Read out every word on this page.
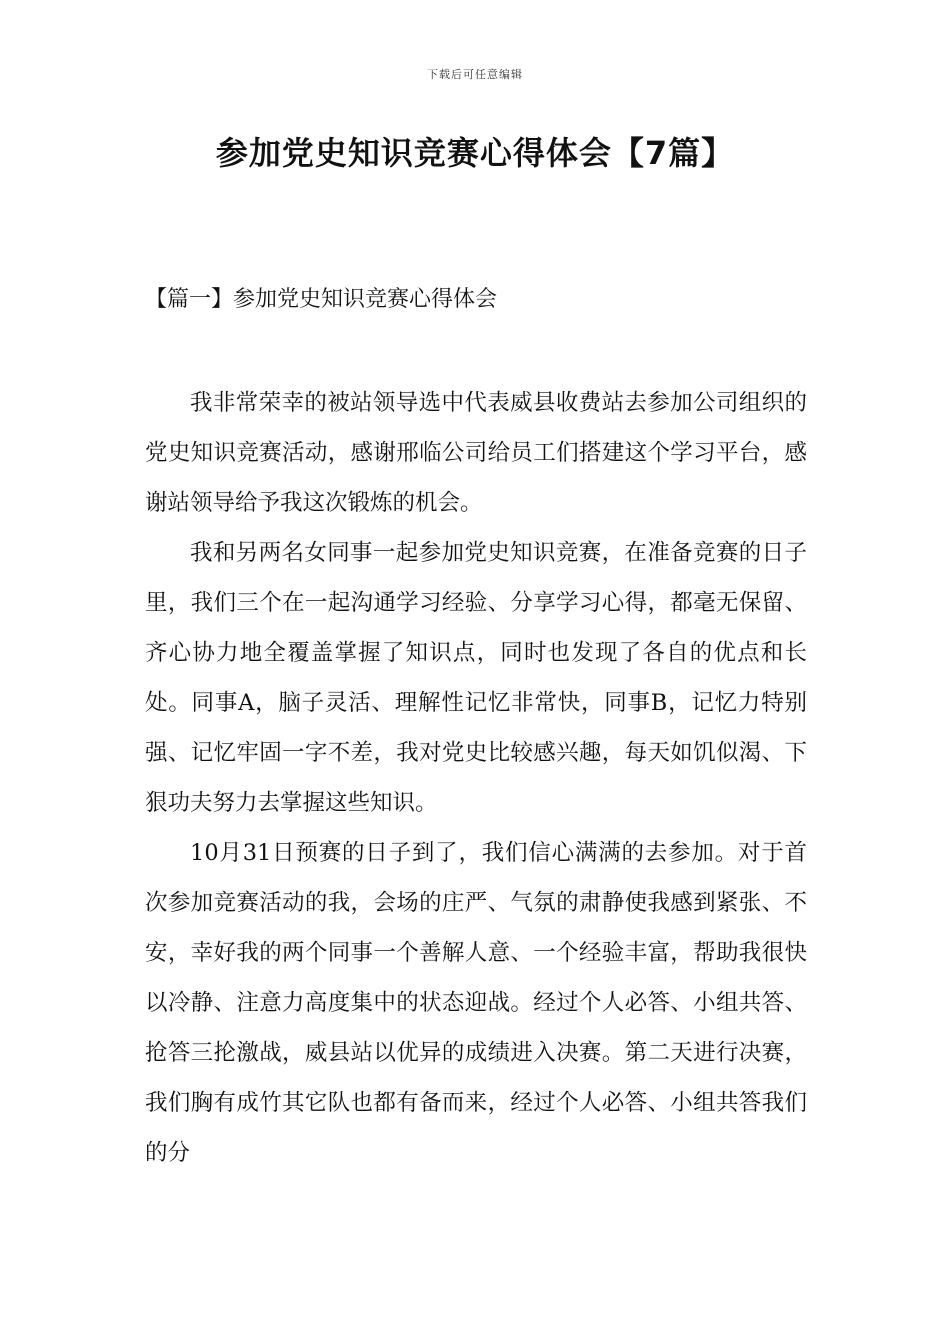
下载后可任意编辑
参加党史知识竞赛心得体会【7篇】
【篇一】参加党史知识竞赛心得体会

我非常荣幸的被站领导选中代表威县收费站去参加公司组织的党史知识竞赛活动，感谢邢临公司给员工们搭建这个学习平台，感谢站领导给予我这次锻炼的机会。

我和另两名女同事一起参加党史知识竞赛，在准备竞赛的日子里，我们三个在一起沟通学习经验、分享学习心得，都毫无保留、齐心协力地全覆盖掌握了知识点，同时也发现了各自的优点和长处。同事A，脑子灵活、理解性记忆非常快，同事B，记忆力特别强、记忆牢固一字不差，我对党史比较感兴趣，每天如饥似渴、下狠功夫努力去掌握这些知识。

10月31日预赛的日子到了，我们信心满满的去参加。对于首次参加竞赛活动的我，会场的庄严、气氛的肃静使我感到紧张、不安，幸好我的两个同事一个善解人意、一个经验丰富，帮助我很快以冷静、注意力高度集中的状态迎战。经过个人必答、小组共答、抢答三抡激战，威县站以优异的成绩进入决赛。第二天进行决赛，我们胸有成竹其它队也都有备而来，经过个人必答、小组共答我们的分
